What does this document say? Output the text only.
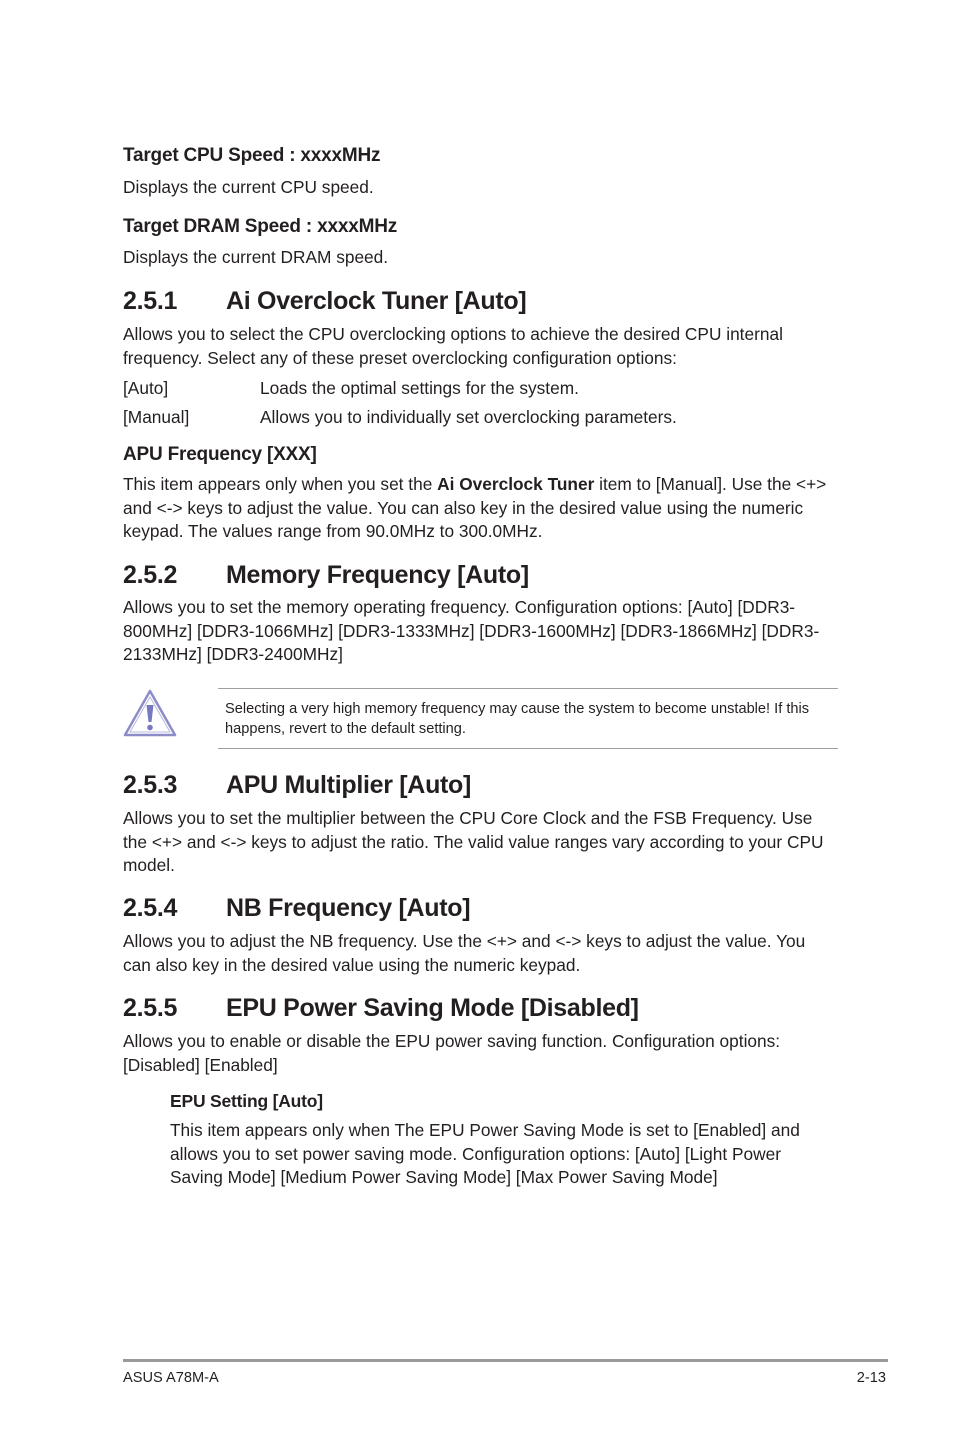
Target CPU Speed : xxxxMHz
Displays the current CPU speed.
Target DRAM Speed : xxxxMHz
Displays the current DRAM speed.
2.5.1	Ai Overclock Tuner [Auto]

Allows you to select the CPU overclocking options to achieve the desired CPU internal

frequency. Select any of these preset overclocking configuration options:

[Auto]	Loads the optimal settings for the system.
[Manual]	Allows you to individually set overclocking parameters.
APU Frequency [XXX]

This item appears only when you set the Ai Overclock Tuner item to [Manual]. Use the <+>

and <-> keys to adjust the value. You can also key in the desired value using the numeric

keypad. The values range from 90.0MHz to 300.0MHz.

2.5.2	Memory Frequency [Auto]

Allows you to set the memory operating frequency. Configuration options: [Auto] [DDR3-

800MHz] [DDR3-1066MHz] [DDR3-1333MHz] [DDR3-1600MHz] [DDR3-1866MHz] [DDR3-

2133MHz] [DDR3-2400MHz]

Selecting a very high memory frequency may cause the system to become unstable! If this
happens, revert to the default setting.
2.5.3	APU Multiplier [Auto]

Allows you to set the multiplier between the CPU Core Clock and the FSB Frequency. Use

the <+> and <-> keys to adjust the ratio. The valid value ranges vary according to your CPU

model.

2.5.4	NB Frequency [Auto]

Allows you to adjust the NB frequency. Use the <+> and <-> keys to adjust the value. You

can also key in the desired value using the numeric keypad.

2.5.5	EPU Power Saving Mode [Disabled]

Allows you to enable or disable the EPU power saving function. Configuration options:

[Disabled] [Enabled]

EPU Setting [Auto]

This item appears only when The EPU Power Saving Mode is set to [Enabled] and

allows you to set power saving mode. Configuration options: [Auto] [Light Power

Saving Mode] [Medium Power Saving Mode] [Max Power Saving Mode]

ASUS A78M-A	2-13
